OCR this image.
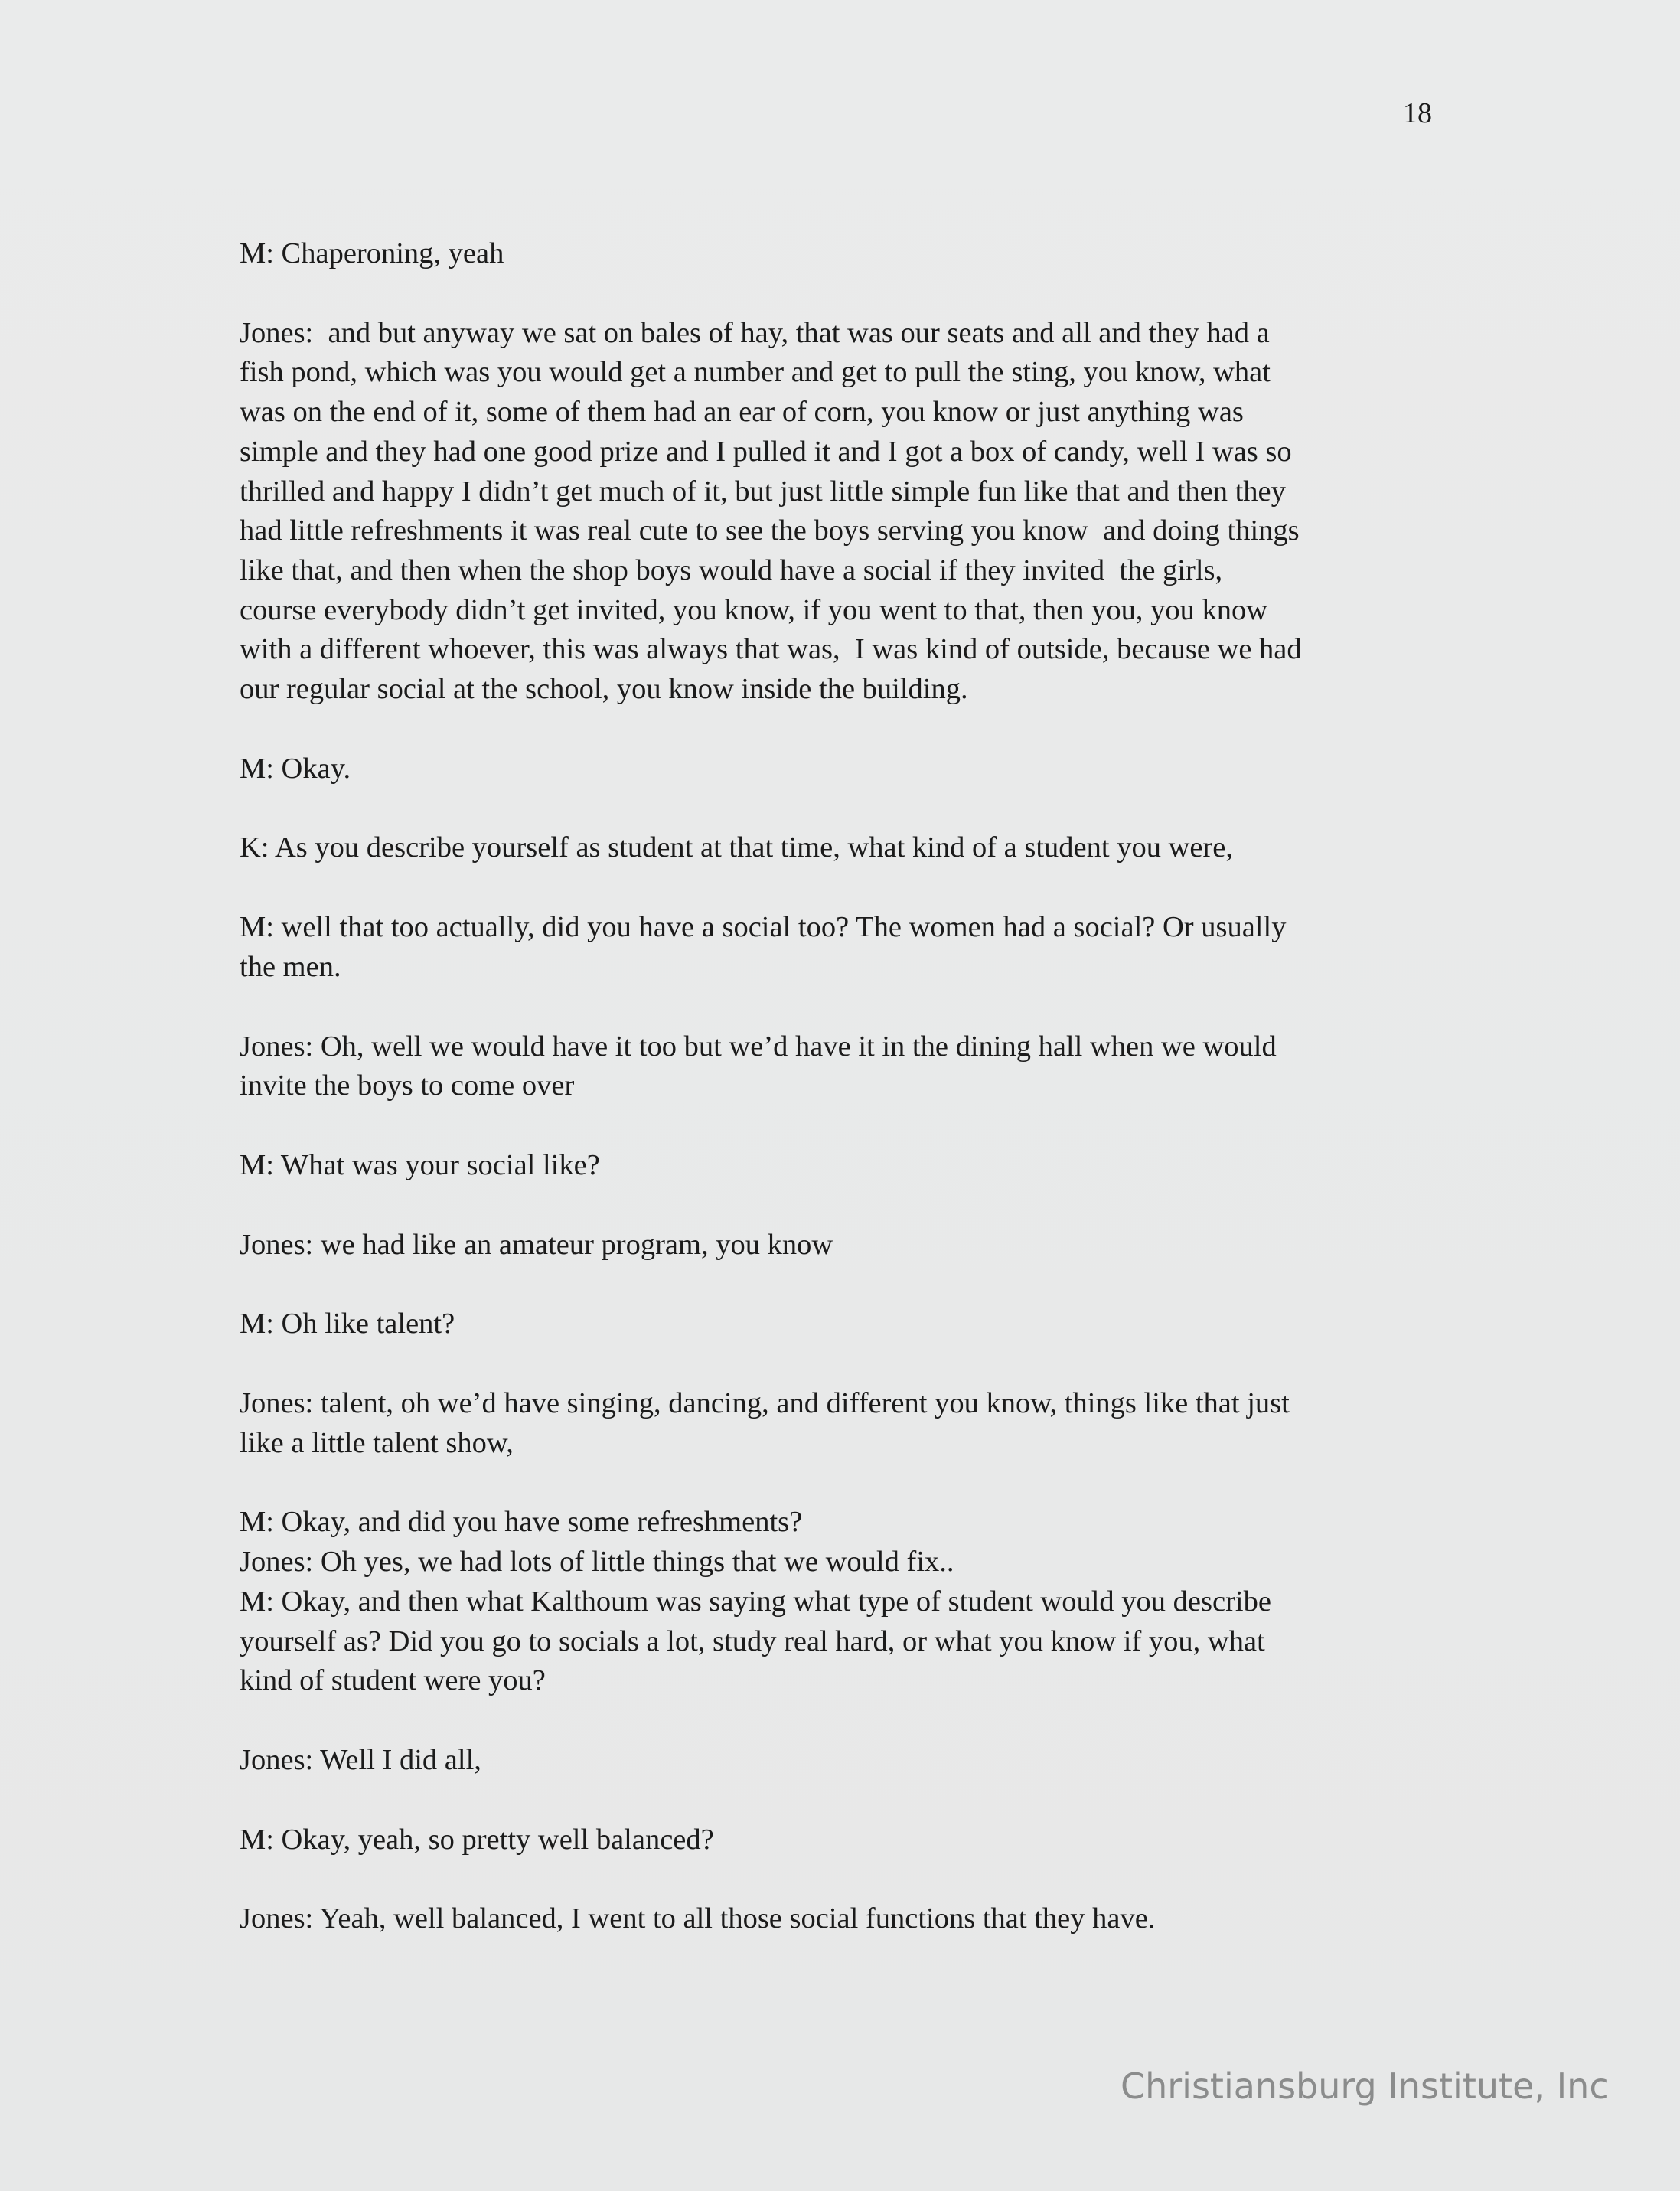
18
M: Chaperoning, yeah
Jones:  and but anyway we sat on bales of hay, that was our seats and all and they had a
fish pond, which was you would get a number and get to pull the sting, you know, what
was on the end of it, some of them had an ear of corn, you know or just anything was
simple and they had one good prize and I pulled it and I got a box of candy, well I was so
thrilled and happy I didn’t get much of it, but just little simple fun like that and then they
had little refreshments it was real cute to see the boys serving you know  and doing things
like that, and then when the shop boys would have a social if they invited  the girls,
course everybody didn’t get invited, you know, if you went to that, then you, you know
with a different whoever, this was always that was,  I was kind of outside, because we had
our regular social at the school, you know inside the building.
M: Okay.
K: As you describe yourself as student at that time, what kind of a student you were,
M: well that too actually, did you have a social too? The women had a social? Or usually
the men.
Jones: Oh, well we would have it too but we’d have it in the dining hall when we would
invite the boys to come over
M: What was your social like?
Jones: we had like an amateur program, you know
M: Oh like talent?
Jones: talent, oh we’d have singing, dancing, and different you know, things like that just
like a little talent show,
M: Okay, and did you have some refreshments?
Jones: Oh yes, we had lots of little things that we would fix..
M: Okay, and then what Kalthoum was saying what type of student would you describe
yourself as? Did you go to socials a lot, study real hard, or what you know if you, what
kind of student were you?
Jones: Well I did all,
M: Okay, yeah, so pretty well balanced?
Jones: Yeah, well balanced, I went to all those social functions that they have.
Christiansburg Institute, Inc
